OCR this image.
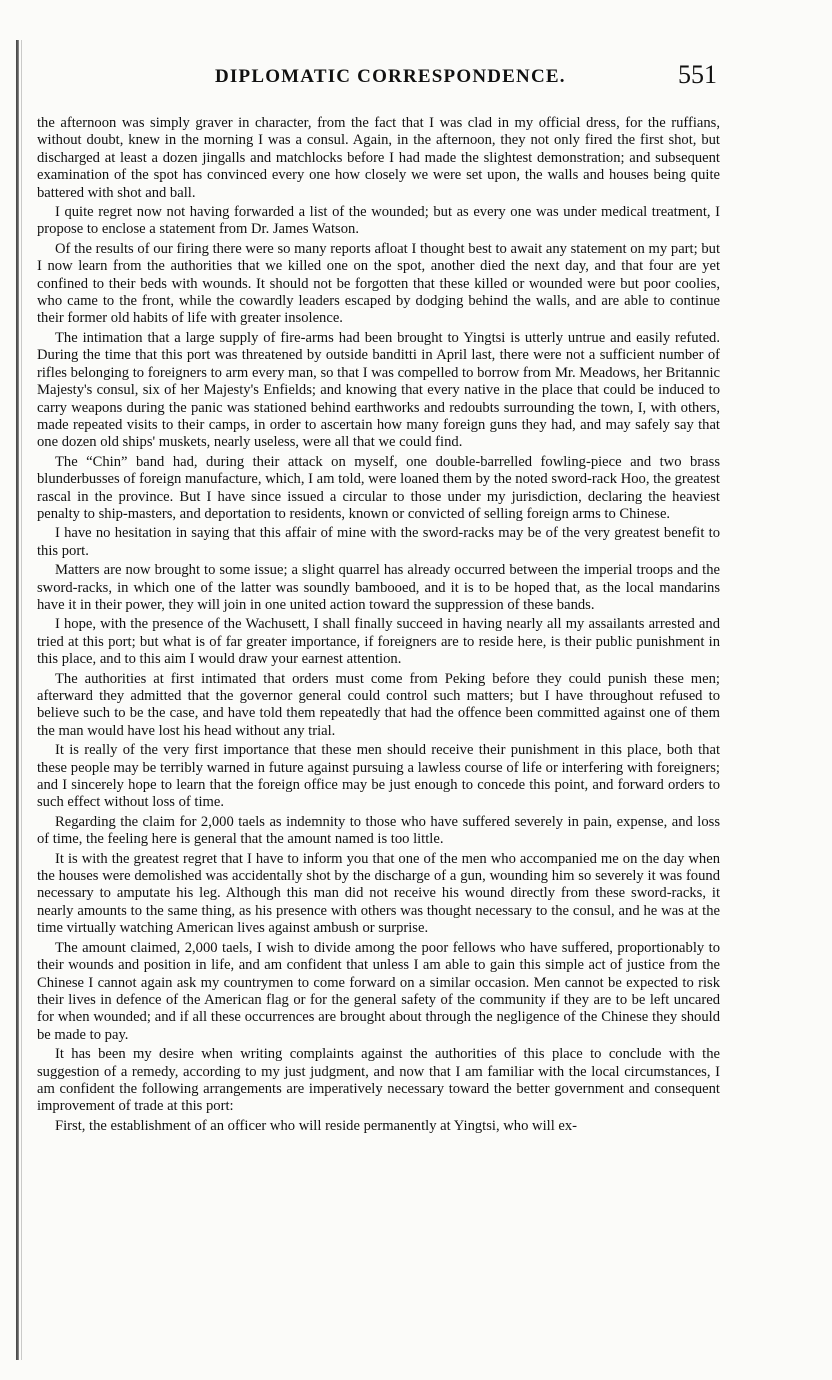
DIPLOMATIC CORRESPONDENCE.	551

the afternoon was simply graver in character, from the fact that I was clad in my official dress, for the ruffians, without doubt, knew in the morning I was a consul. Again, in the afternoon, they not only fired the first shot, but discharged at least a dozen jingalls and matchlocks before I had made the slightest demonstration; and subsequent examination of the spot has convinced every one how closely we were set upon, the walls and houses being quite battered with shot and ball.

I quite regret now not having forwarded a list of the wounded; but as every one was under medical treatment, I propose to enclose a statement from Dr. James Watson.

Of the results of our firing there were so many reports afloat I thought best to await any statement on my part; but I now learn from the authorities that we killed one on the spot, another died the next day, and that four are yet confined to their beds with wounds. It should not be forgotten that these killed or wounded were but poor coolies, who came to the front, while the cowardly leaders escaped by dodging behind the walls, and are able to continue their former old habits of life with greater insolence.

The intimation that a large supply of fire-arms had been brought to Yingtsi is utterly untrue and easily refuted. During the time that this port was threatened by outside banditti in April last, there were not a sufficient number of rifles belonging to foreigners to arm every man, so that I was compelled to borrow from Mr. Meadows, her Britannic Majesty's consul, six of her Majesty's Enfields; and knowing that every native in the place that could be induced to carry weapons during the panic was stationed behind earthworks and redoubts surrounding the town, I, with others, made repeated visits to their camps, in order to ascertain how many foreign guns they had, and may safely say that one dozen old ships' muskets, nearly useless, were all that we could find.

The “Chin” band had, during their attack on myself, one double-barrelled fowling-piece and two brass blunderbusses of foreign manufacture, which, I am told, were loaned them by the noted sword-rack Hoo, the greatest rascal in the province. But I have since issued a circular to those under my jurisdiction, declaring the heaviest penalty to ship-masters, and deportation to residents, known or convicted of selling foreign arms to Chinese.

I have no hesitation in saying that this affair of mine with the sword-racks may be of the very greatest benefit to this port.

Matters are now brought to some issue; a slight quarrel has already occurred between the imperial troops and the sword-racks, in which one of the latter was soundly bambooed, and it is to be hoped that, as the local mandarins have it in their power, they will join in one united action toward the suppression of these bands.

I hope, with the presence of the Wachusett, I shall finally succeed in having nearly all my assailants arrested and tried at this port; but what is of far greater importance, if foreigners are to reside here, is their public punishment in this place, and to this aim I would draw your earnest attention.

The authorities at first intimated that orders must come from Peking before they could punish these men; afterward they admitted that the governor general could control such matters; but I have throughout refused to believe such to be the case, and have told them repeatedly that had the offence been committed against one of them the man would have lost his head without any trial.

It is really of the very first importance that these men should receive their punishment in this place, both that these people may be terribly warned in future against pursuing a lawless course of life or interfering with foreigners; and I sincerely hope to learn that the foreign office may be just enough to concede this point, and forward orders to such effect without loss of time.

Regarding the claim for 2,000 taels as indemnity to those who have suffered severely in pain, expense, and loss of time, the feeling here is general that the amount named is too little.

It is with the greatest regret that I have to inform you that one of the men who accompanied me on the day when the houses were demolished was accidentally shot by the discharge of a gun, wounding him so severely it was found necessary to amputate his leg. Although this man did not receive his wound directly from these sword-racks, it nearly amounts to the same thing, as his presence with others was thought necessary to the consul, and he was at the time virtually watching American lives against ambush or surprise.

The amount claimed, 2,000 taels, I wish to divide among the poor fellows who have suffered, proportionably to their wounds and position in life, and am confident that unless I am able to gain this simple act of justice from the Chinese I cannot again ask my countrymen to come forward on a similar occasion. Men cannot be expected to risk their lives in defence of the American flag or for the general safety of the community if they are to be left uncared for when wounded; and if all these occurrences are brought about through the negligence of the Chinese they should be made to pay.

It has been my desire when writing complaints against the authorities of this place to conclude with the suggestion of a remedy, according to my just judgment, and now that I am familiar with the local circumstances, I am confident the following arrangements are imperatively necessary toward the better government and consequent improvement of trade at this port:

First, the establishment of an officer who will reside permanently at Yingtsi, who will ex-
